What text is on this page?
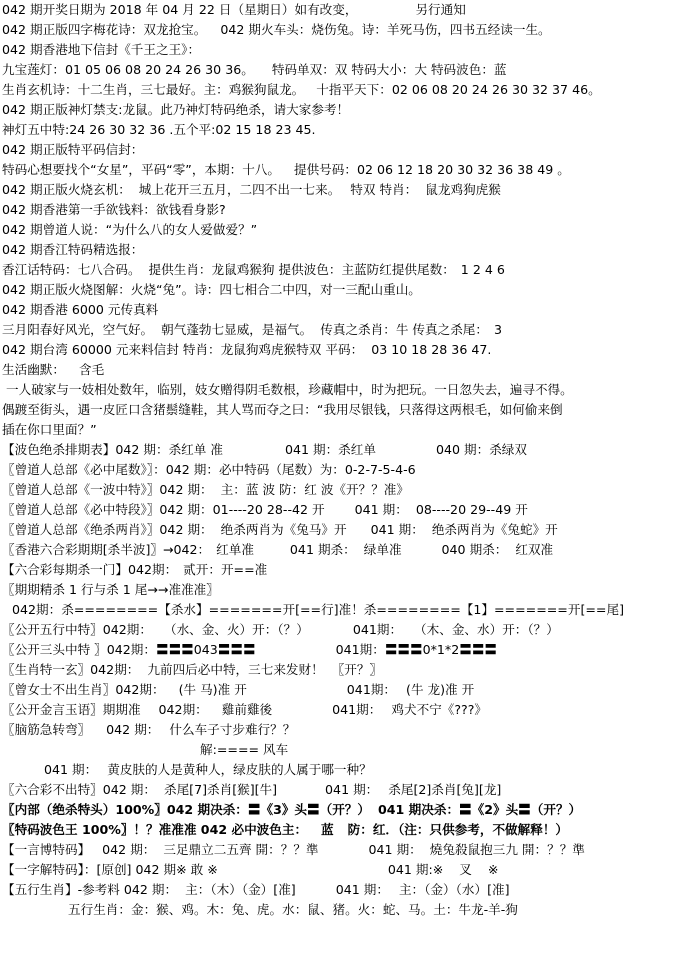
042 期开奖日期为 2018 年 04 月 22 日（星期日）如有改变，	另行通知
042 期正版四字梅花诗：双龙抢宝。 042 期火车头：烧伤兔。诗：羊死马伤，四书五经读一生。
042 期香港地下信封《千王之王》：
九宝莲灯：01 05 06 08 20 24 26 30 36。 特码单双：双 特码大小：大 特码波色：蓝
生肖玄机诗：十二生肖，三七最好。主：鸡猴狗鼠龙。 十指平天下：02 06 08 20 24 26 30 32 37 46。
042 期正版神灯禁支:龙鼠。此乃神灯特码绝杀，请大家参考！
神灯五中特:24 26 30 32 36 .五个平:02 15 18 23 45.
042 期正版特平码信封：
特码心想要找个“女星”，平码“零”，本期：十八。 提供号码：02 06 12 18 20 30 32 36 38 49 。
042 期正版火烧玄机： 城上花开三五月，二四不出一七来。 特双 特肖： 鼠龙鸡狗虎猴
042 期香港第一手欲钱料：欲钱看身影?
042 期曾道人说：“为什么八的女人爱做爱？”
042 期香江特码精选报：
香江话特码：七八合码。 提供生肖：龙鼠鸡猴狗 提供波色：主蓝防红提供尾数： 1 2 4 6
042 期正版火烧图解：火烧“兔”。诗：四七相合二中四，对一三配山重山。
042 期香港 6000 元传真料
三月阳春好风光，空气好。 朝气蓬勃七显威，是福气。 传真之杀肖：牛 传真之杀尾： 3
042 期台湾 60000 元来料信封 特肖：龙鼠狗鸡虎猴特双 平码： 03 10 18 28 36 47.
生活幽默： 含毛
一人破家与一妓相处数年，临别，妓女赠得阴毛数根，珍藏帽中，时为把玩。一日忽失去，遍寻不得。
偶踱至街头，遇一皮匠口含猪鬃缝鞋，其人骂而夺之曰：“我用尽银钱，只落得这两根毛，如何偷来倒
插在你口里面？”
【波色绝杀排期表】042 期：杀红单 准	041 期：杀红单	040 期：杀绿双
〖曾道人总部《必中尾数》〗：042 期：必中特码（尾数）为：0-2-7-5-4-6
〖曾道人总部《一波中特》〗042 期： 主：蓝 波 防：红 波《开？？准》
〖曾道人总部《必中特段》〗042 期：01----20 28--42 开 041 期： 08----20 29--49 开
〖曾道人总部《绝杀两肖》〗042 期： 绝杀两肖为《兔马》开 041 期： 绝杀两肖为《兔蛇》开
〖香港六合彩期期[杀半波]〗→042： 红单准	041 期杀： 绿单准	040 期杀： 红双准
【六合彩每期杀一门】042期： 贰开：开==准
〖期期精杀 1 行与杀 1 尾→→准准准〗
042期：杀========【杀水】=======开[==行]准！杀========【1】=======开[==尾]
〖公开五行中特〗042期： （水、金、火）开：（？）	041期： （木、金、水）开：（？）
〖公开三头中特 〗042期：〓〓〓043〓〓〓	041期：〓〓〓0*1*2〓〓〓
〖生肖特一玄〗042期： 九前四后必中特，三七来发财！ 〖开？〗
〖曾女士不出生肖〗042期： (牛 马)准 开	041期： (牛 龙)准 开
〖公开金言玉语〗期期准 042期： 雞前雞後	041期： 鸡犬不宁《???》
〖脑筋急转弯〗 042 期： 什么车子寸步难行？？
解:==== 风车
041 期： 黄皮肤的人是黄种人，绿皮肤的人属于哪一种？
〖六合彩不出特〗042 期： 杀尾[7]杀肖[猴][牛]	041 期： 杀尾[2]杀肖[兔][龙]
〖内部（绝杀特头）100%〗042 期决杀：〓《3》头〓（开？） 041 期决杀：〓《2》头〓（开？）
〖特码波色王 100%〗！？准准准 042 必中波色主： 蓝 防：红．（注：只供参考，不做解释！）
【一言博特码】 042 期： 三足鼎立二五齊 開：？？準	041 期： 燒兔殺鼠抱三九 開：？？準
【一字解特码】：[原创] 042 期※ 敢 ※	041 期:※ 叉 ※
【五行生肖】-参考料 042 期： 主：（木）（金）[准]	041 期： 主：（金）（水）[准]
五行生肖：金：猴、鸡。木：兔、虎。水：鼠、猪。火：蛇、马。土：牛龙-羊-狗
